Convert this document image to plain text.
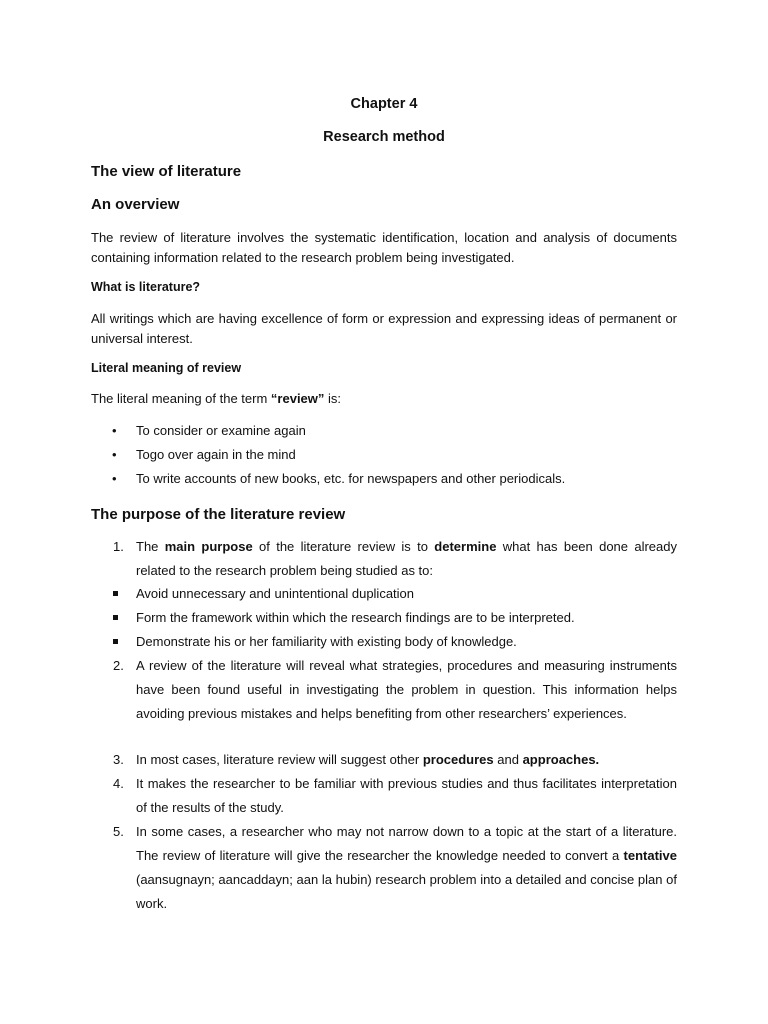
Chapter 4
Research method
The view of literature
An overview
The review of literature involves the systematic identification, location and analysis of documents containing information related to the research problem being investigated.
What is literature?
All writings which are having excellence of form or expression and expressing ideas of permanent or universal interest.
Literal meaning of review
The literal meaning of the term “review” is:
•	To consider or examine again
•	Togo over again in the mind
•	To write accounts of new books, etc. for newspapers and other periodicals.
The purpose of the literature review
1. The main purpose of the literature review is to determine what has been done already related to the research problem being studied as to:
Avoid unnecessary and unintentional duplication
Form the framework within which the research findings are to be interpreted.
Demonstrate his or her familiarity with existing body of knowledge.
2. A review of the literature will reveal what strategies, procedures and measuring instruments have been found useful in investigating the problem in question. This information helps avoiding previous mistakes and helps benefiting from other researchers’ experiences.
3. In most cases, literature review will suggest other procedures and approaches.
4. It makes the researcher to be familiar with previous studies and thus facilitates interpretation of the results of the study.
5. In some cases, a researcher who may not narrow down to a topic at the start of a literature. The review of literature will give the researcher the knowledge needed to convert a tentative (aansugnayn; aancaddayn; aan la hubin) research problem into a detailed and concise plan of work.
